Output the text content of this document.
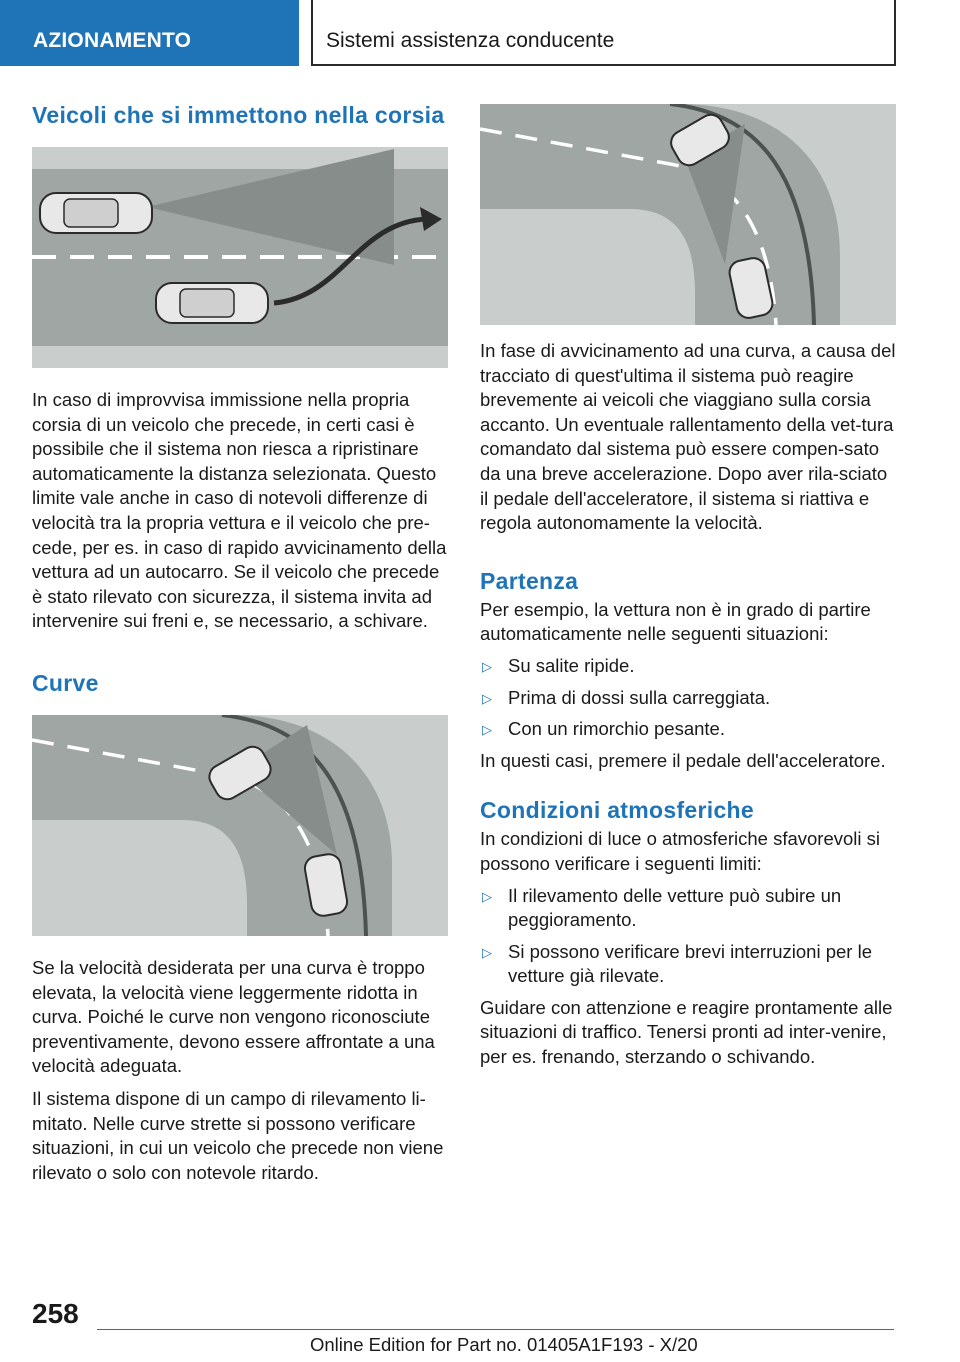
AZIONAMENTO	Sistemi assistenza conducente
Veicoli che si immettono nella corsia

In caso di improvvisa immissione nella propria corsia di un veicolo che precede, in certi casi è possibile che il sistema non riesca a ripristinare automaticamente la distanza selezionata. Questo limite vale anche in caso di notevoli differenze di velocità tra la propria vettura e il veicolo che pre-cede, per es. in caso di rapido avvicinamento della vettura ad un autocarro. Se il veicolo che precede è stato rilevato con sicurezza, il sistema invita ad intervenire sui freni e, se necessario, a schivare.

Curve

Se la velocità desiderata per una curva è troppo elevata, la velocità viene leggermente ridotta in curva. Poiché le curve non vengono riconosciute preventivamente, devono essere affrontate a una velocità adeguata.

Il sistema dispone di un campo di rilevamento li-mitato. Nelle curve strette si possono verificare situazioni, in cui un veicolo che precede non viene rilevato o solo con notevole ritardo.

In fase di avvicinamento ad una curva, a causa del tracciato di quest'ultima il sistema può reagire brevemente ai veicoli che viaggiano sulla corsia accanto. Un eventuale rallentamento della vet-tura comandato dal sistema può essere compen-sato da una breve accelerazione. Dopo aver rila-sciato il pedale dell'acceleratore, il sistema si riattiva e regola autonomamente la velocità.

Partenza

Per esempio, la vettura non è in grado di partire automaticamente nelle seguenti situazioni:

▷ Su salite ripide.
▷ Prima di dossi sulla carreggiata.
▷ Con un rimorchio pesante.

In questi casi, premere il pedale dell'acceleratore.

Condizioni atmosferiche

In condizioni di luce o atmosferiche sfavorevoli si possono verificare i seguenti limiti:

▷ Il rilevamento delle vetture può subire un peggioramento.
▷ Si possono verificare brevi interruzioni per le vetture già rilevate.

Guidare con attenzione e reagire prontamente alle situazioni di traffico. Tenersi pronti ad inter-venire, per es. frenando, sterzando o schivando.

258
Online Edition for Part no. 01405A1F193 - X/20
